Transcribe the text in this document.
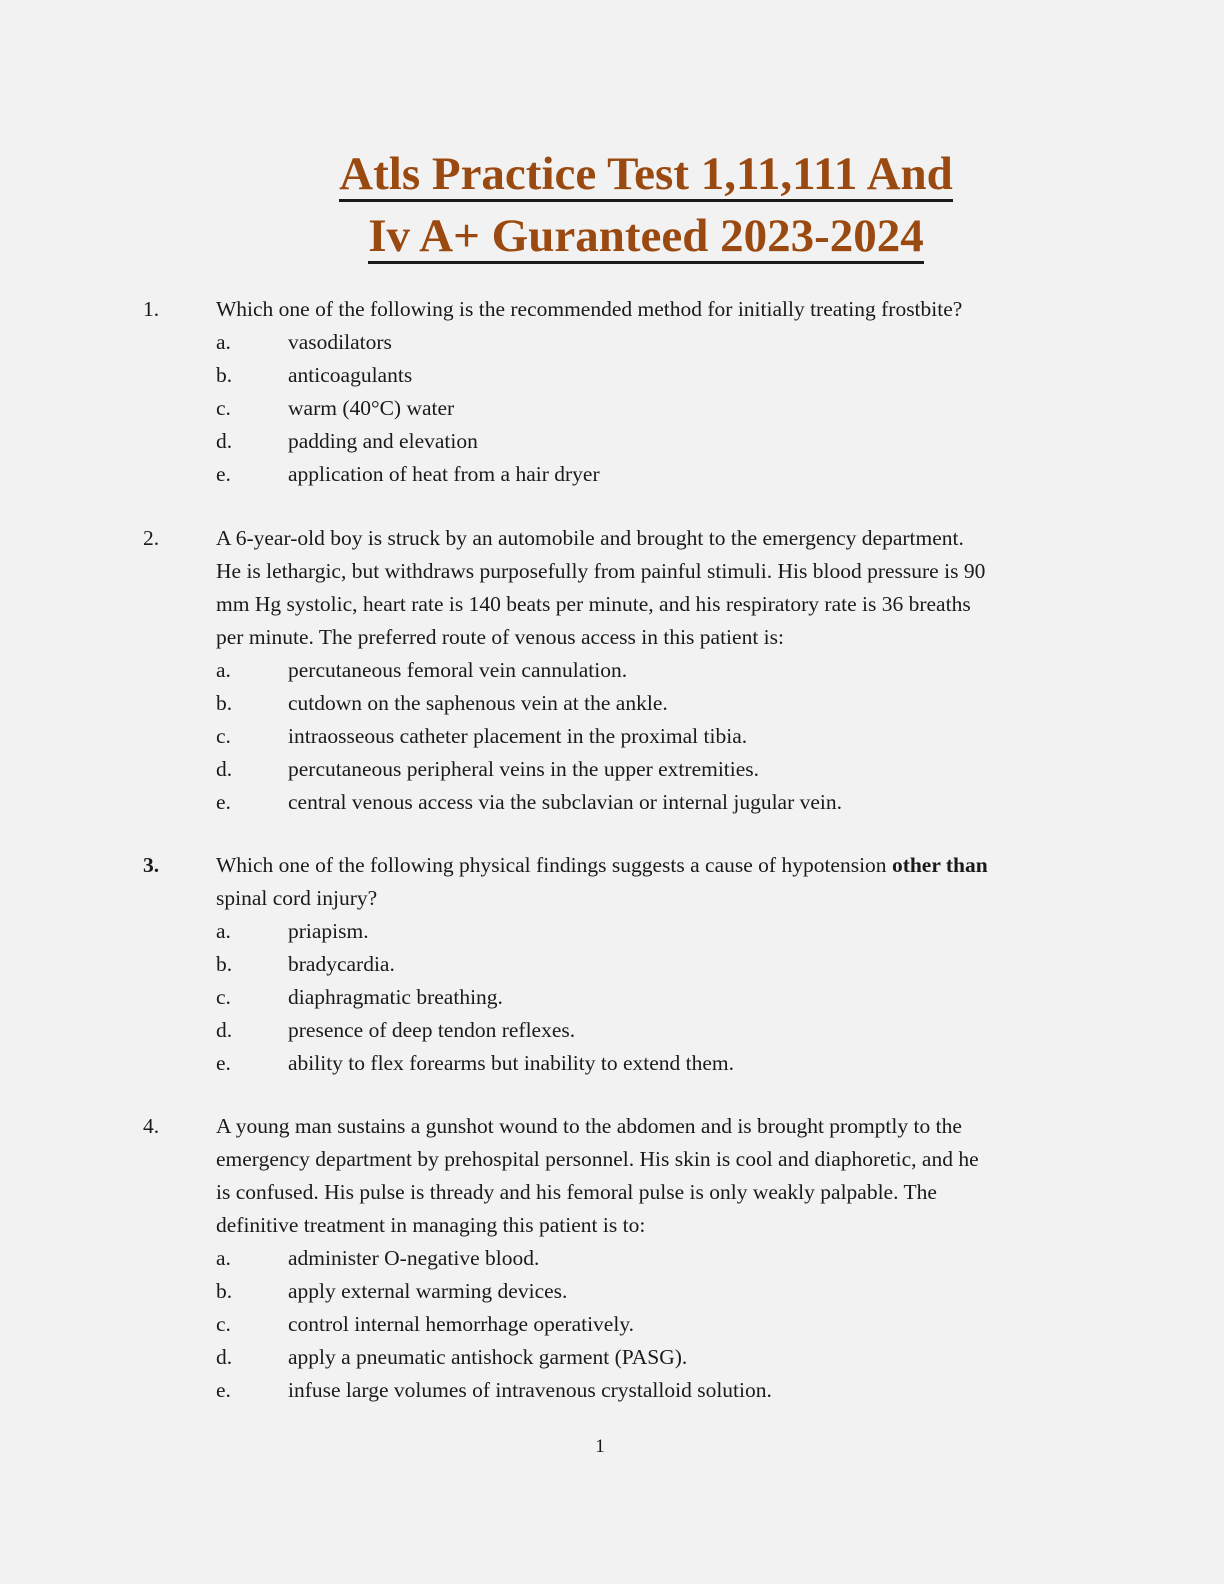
Atls Practice Test 1,11,111 And
Iv A+ Guranteed 2023-2024
1.	Which one of the following is the recommended method for initially treating frostbite?
a.	vasodilators
b.	anticoagulants
c.	warm (40°C) water
d.	padding and elevation
e.	application of heat from a hair dryer
2.	A 6-year-old boy is struck by an automobile and brought to the emergency department.
He is lethargic, but withdraws purposefully from painful stimuli. His blood pressure is 90
mm Hg systolic, heart rate is 140 beats per minute, and his respiratory rate is 36 breaths
per minute. The preferred route of venous access in this patient is:
a.	percutaneous femoral vein cannulation.
b.	cutdown on the saphenous vein at the ankle.
c.	intraosseous catheter placement in the proximal tibia.
d.	percutaneous peripheral veins in the upper extremities.
e.	central venous access via the subclavian or internal jugular vein.
3.	Which one of the following physical findings suggests a cause of hypotension other than
spinal cord injury?
a.	priapism.
b.	bradycardia.
c.	diaphragmatic breathing.
d.	presence of deep tendon reflexes.
e.	ability to flex forearms but inability to extend them.
4.	A young man sustains a gunshot wound to the abdomen and is brought promptly to the
emergency department by prehospital personnel. His skin is cool and diaphoretic, and he
is confused. His pulse is thready and his femoral pulse is only weakly palpable. The
definitive treatment in managing this patient is to:
a.	administer O-negative blood.
b.	apply external warming devices.
c.	control internal hemorrhage operatively.
d.	apply a pneumatic antishock garment (PASG).
e.	infuse large volumes of intravenous crystalloid solution.
1
